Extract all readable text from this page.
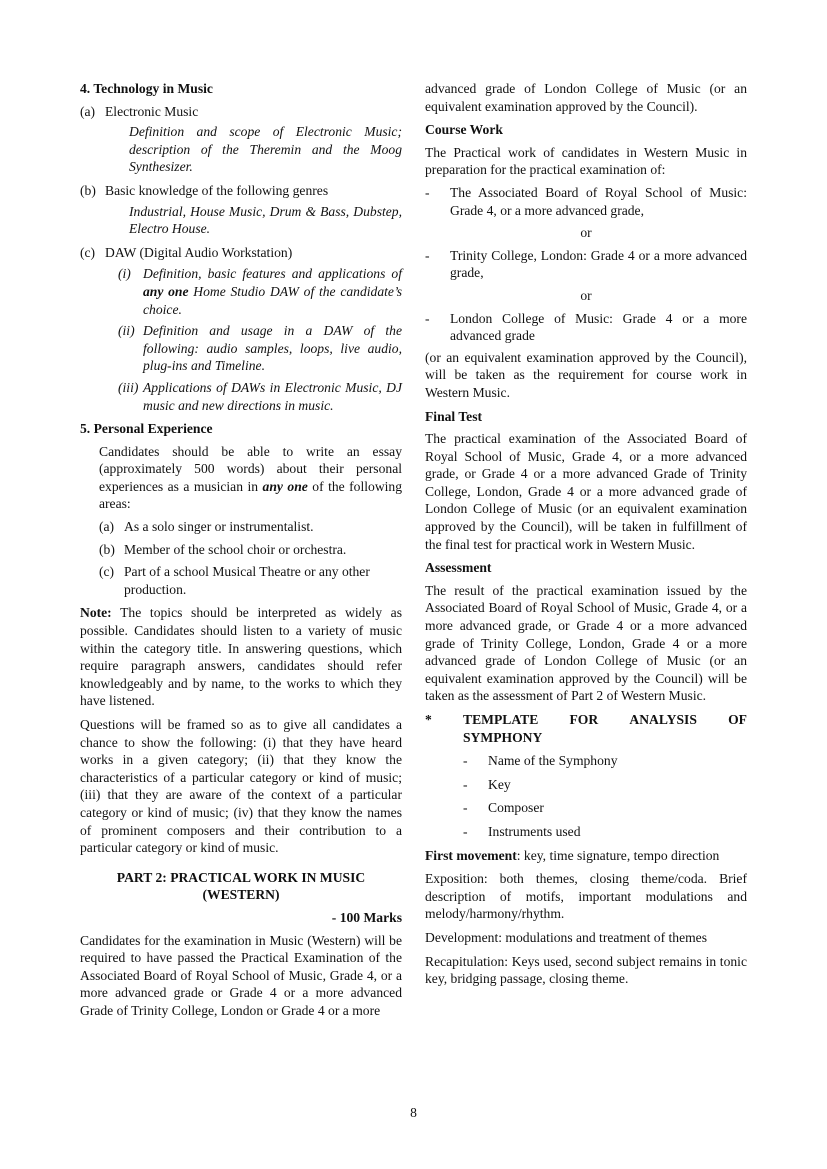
4. Technology in Music

(a) Electronic Music

Definition and scope of Electronic Music; description of the Theremin and the Moog Synthesizer.

(b) Basic knowledge of the following genres

Industrial, House Music, Drum & Bass, Dubstep, Electro House.

(c) DAW (Digital Audio Workstation)
(i) Definition, basic features and applications of any one Home Studio DAW of the candidate’s choice.
(ii) Definition and usage in a DAW of the following: audio samples, loops, live audio, plug-ins and Timeline.
(iii) Applications of DAWs in Electronic Music, DJ music and new directions in music.

5. Personal Experience

Candidates should be able to write an essay (approximately 500 words) about their personal experiences as a musician in any one of the following areas:

(a) As a solo singer or instrumentalist.
(b) Member of the school choir or orchestra.
(c) Part of a school Musical Theatre or any other production.

Note: The topics should be interpreted as widely as possible. Candidates should listen to a variety of music within the category title. In answering questions, which require paragraph answers, candidates should refer knowledgeably and by name, to the works to which they have listened.

Questions will be framed so as to give all candidates a chance to show the following: (i) that they have heard works in a given category; (ii) that they know the characteristics of a particular category or kind of music; (iii) that they are aware of the context of a particular category or kind of music; (iv) that they know the names of prominent composers and their contribution to a particular category or kind of music.

PART 2: PRACTICAL WORK IN MUSIC (WESTERN)

- 100 Marks

Candidates for the examination in Music (Western) will be required to have passed the Practical Examination of the Associated Board of Royal School of Music, Grade 4, or a more advanced grade or Grade 4 or a more advanced Grade of Trinity College, London or Grade 4 or a more

advanced grade of London College of Music (or an equivalent examination approved by the Council).

Course Work

The Practical work of candidates in Western Music in preparation for the practical examination of:

-	The Associated Board of Royal School of Music: Grade 4, or a more advanced grade,

or

-	Trinity College, London: Grade 4 or a more advanced grade,

or

-	London College of Music: Grade 4 or a more advanced grade

(or an equivalent examination approved by the Council), will be taken as the requirement for course work in Western Music.

Final Test

The practical examination of the Associated Board of Royal School of Music, Grade 4, or a more advanced grade, or Grade 4 or a more advanced Grade of Trinity College, London, Grade 4 or a more advanced grade of London College of Music (or an equivalent examination approved by the Council), will be taken in fulfillment of the final test for practical work in Western Music.

Assessment

The result of the practical examination issued by the Associated Board of Royal School of Music, Grade 4, or a more advanced grade, or Grade 4 or a more advanced grade of Trinity College, London, Grade 4 or a more advanced grade of London College of Music (or an equivalent examination approved by the Council) will be taken as the assessment of Part 2 of Western Music.

*	TEMPLATE FOR ANALYSIS OF
SYMPHONY
-	Name of the Symphony
-	Key
-	Composer
-	Instruments used

First movement: key, time signature, tempo direction

Exposition: both themes, closing theme/coda. Brief description of motifs, important modulations and melody/harmony/rhythm.

Development: modulations and treatment of themes

Recapitulation: Keys used, second subject remains in tonic key, bridging passage, closing theme.

8
